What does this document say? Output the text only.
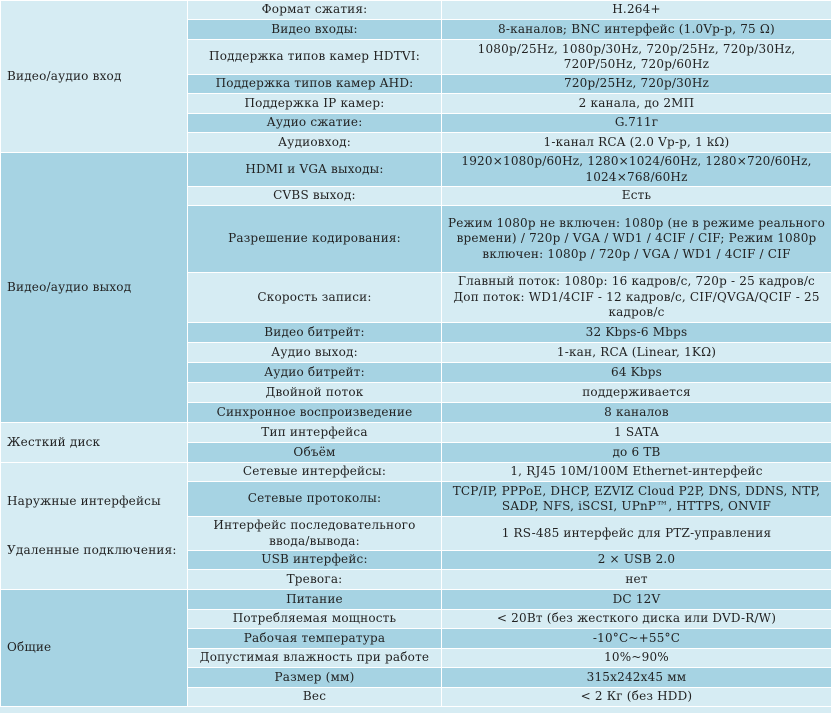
Видео/аудио вход	Формат сжатия:	H.264+
	Видео входы:	8-каналов; BNC интерфейс (1.0Vp-p, 75 Ω)
	Поддержка типов камер HDTVI:	1080p/25Hz, 1080p/30Hz, 720p/25Hz, 720p/30Hz, 720P/50Hz, 720p/60Hz
	Поддержка типов камер AHD:	720p/25Hz, 720p/30Hz
	Поддержка IP камер:	2 канала, до 2МП
	Аудио сжатие:	G.711г
	Аудиовход:	1-канал RCA (2.0 Vp-p, 1 kΩ)
Видео/аудио выход	HDMI и VGA выходы:	1920×1080p/60Hz, 1280×1024/60Hz, 1280×720/60Hz, 1024×768/60Hz
	CVBS выход:	Есть
	Разрешение кодирования:	Режим 1080p не включен: 1080p (не в режиме реального времени) / 720p / VGA / WD1 / 4CIF / CIF; Режим 1080p включен: 1080p / 720p / VGA / WD1 / 4CIF / CIF
	Скорость записи:	Главный поток: 1080p: 16 кадров/с, 720p - 25 кадров/с Доп поток: WD1/4CIF - 12 кадров/с, CIF/QVGA/QCIF - 25 кадров/с
	Видео битрейт:	32 Kbps-6 Mbps
	Аудио выход:	1-кан, RCA (Linear, 1KΩ)
	Аудио битрейт:	64 Kbps
	Двойной поток	поддерживается
	Синхронное воспроизведение	8 каналов
Жесткий диск	Тип интерфейса	1 SATA
	Объём	до 6 TB

Наружные интерфейсы
Удаленные подключения:	Сетевые интерфейсы:	1, RJ45 10M/100M Ethernet-интерфейс
	Сетевые протоколы:	TCP/IP, PPPoE, DHCP, EZVIZ Cloud P2P, DNS, DDNS, NTP, SADP, NFS, iSCSI, UPnP™, HTTPS, ONVIF
	Интерфейс последовательного ввода/вывода:	1 RS-485 интерфейс для PTZ-управления
	USB интерфейс:	2 × USB 2.0
	Тревога:	нет
Общие	Питание	DC 12V
	Потребляемая мощность	< 20Вт (без жесткого диска или DVD-R/W)
	Рабочая температура	-10°C~+55°C
	Допустимая влажность при работе	10%~90%
	Размер (мм)	315x242x45 мм
	Вес	< 2 Кг (без HDD)
